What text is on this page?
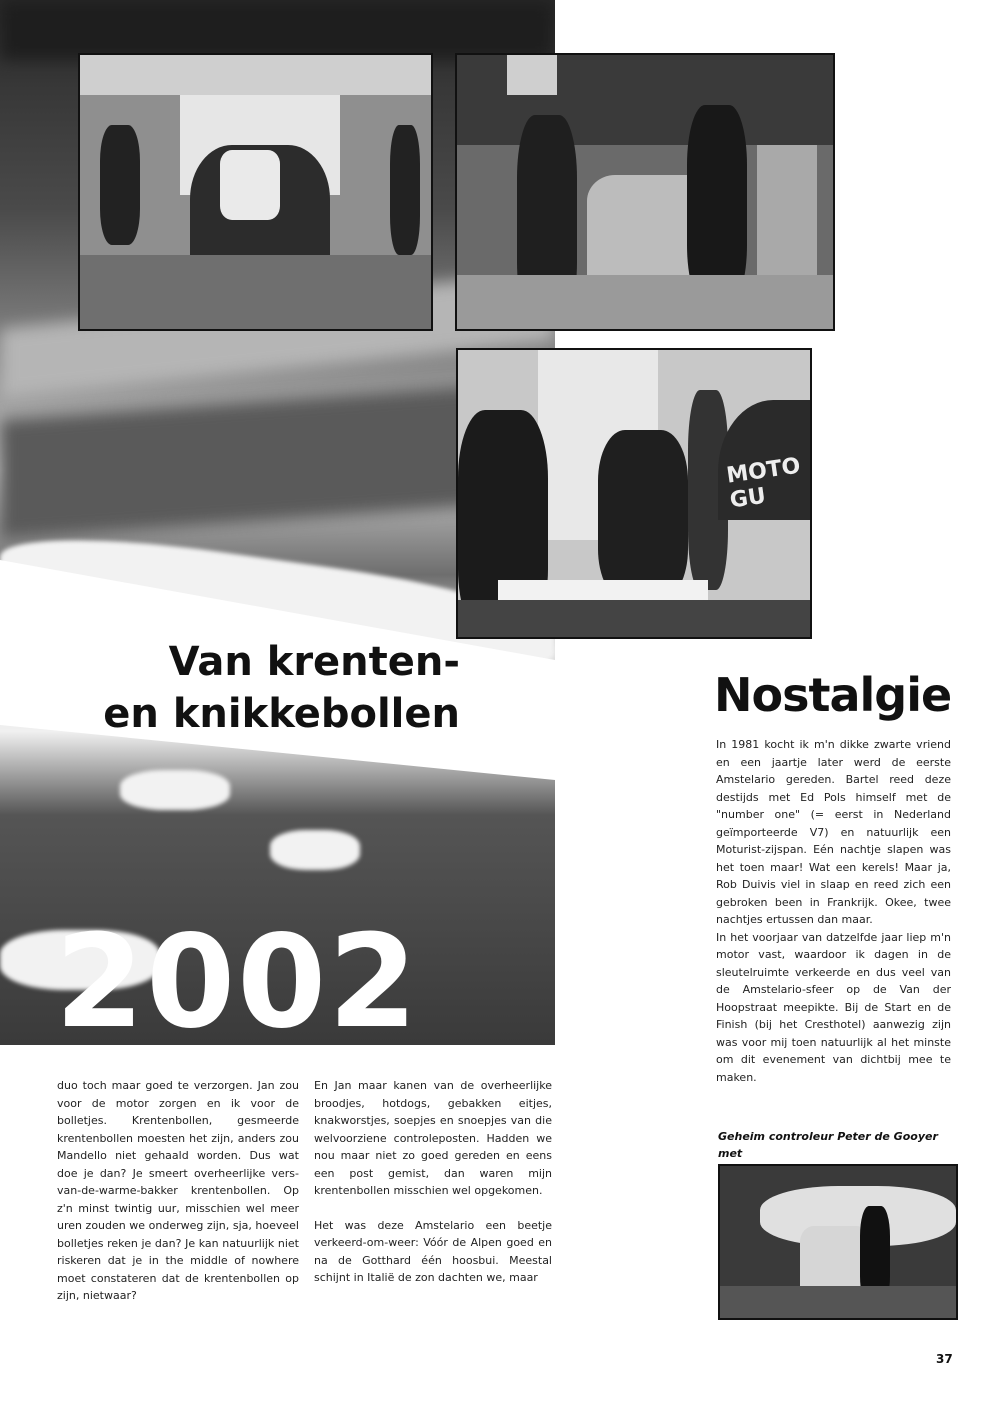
MOTO GU
Van krenten-
en knikkebollen
2002
Nostalgie
In 1981 kocht ik m'n dikke zwarte vriend en een jaartje later werd de eerste Amstelario gereden. Bartel reed deze destijds met Ed Pols himself met de "number one" (= eerst in Nederland geïmporteerde V7) en natuurlijk een Moturist-zijspan. Eén nachtje slapen was het toen maar! Wat een kerels! Maar ja, Rob Duivis viel in slaap en reed zich een gebroken been in Frankrijk. Okee, twee nachtjes ertussen dan maar.
In het voorjaar van datzelfde jaar liep m'n motor vast, waardoor ik dagen in de sleutelruimte verkeerde en dus veel van de Amstelario-sfeer op de Van der Hoopstraat meepikte. Bij de Start en de Finish (bij het Cresthotel) aanwezig zijn was voor mij toen natuurlijk al het minste om dit evenement van dichtbij mee te maken.
duo toch maar goed te verzorgen. Jan zou voor de motor zorgen en ik voor de bolletjes. Krentenbollen, gesmeerde krentenbollen moesten het zijn, anders zou Mandello niet gehaald worden. Dus wat doe je dan? Je smeert overheerlijke vers-van-de-warme-bakker krentenbollen. Op z'n minst twintig uur, misschien wel meer uren zouden we onderweg zijn, sja, hoeveel bolletjes reken je dan? Je kan natuurlijk niet riskeren dat je in the middle of nowhere moet constateren dat de krentenbollen op zijn, nietwaar?
En Jan maar kanen van de overheerlijke broodjes, hotdogs, gebakken eitjes, knakworstjes, soepjes en snoepjes van die welvoorziene controleposten. Hadden we nou maar niet zo goed gereden en eens een post gemist, dan waren mijn krentenbollen misschien wel opgekomen.
Het was deze Amstelario een beetje verkeerd-om-weer: Vóór de Alpen goed en na de Gotthard één hoosbui. Meestal schijnt in Italië de zon dachten we, maar
Geheim controleur Peter de Gooyer met
37
